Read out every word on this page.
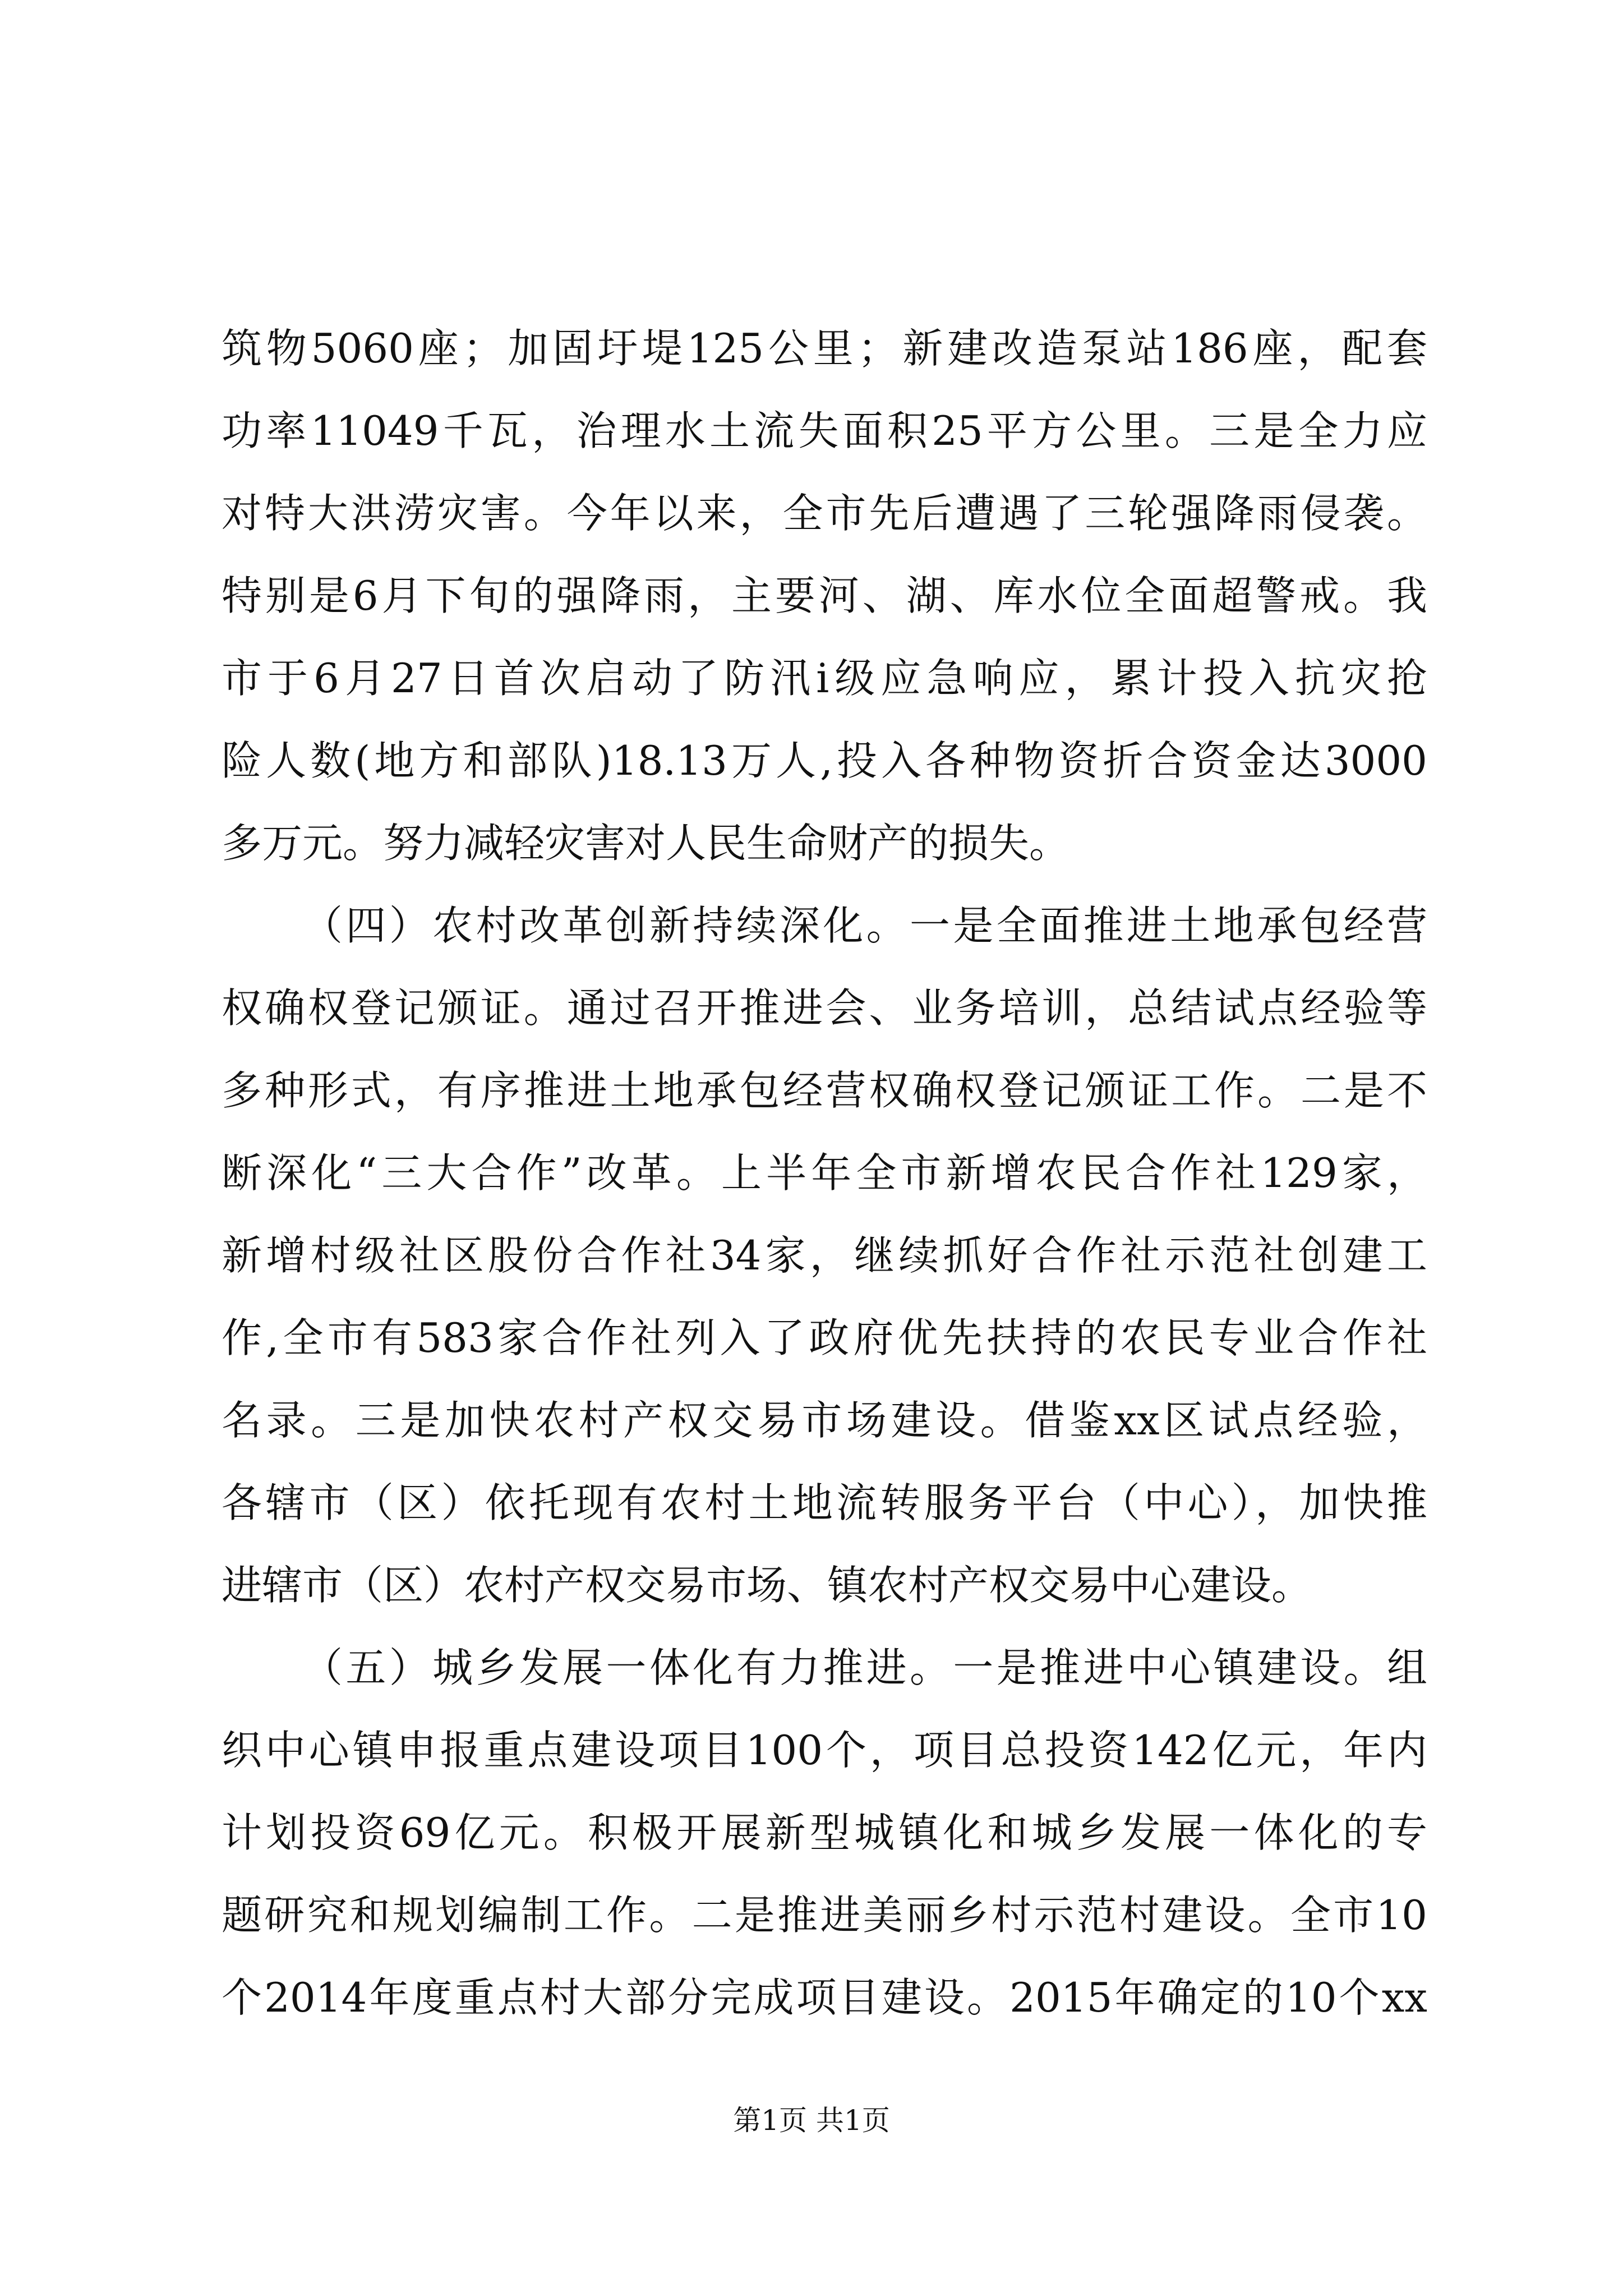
筑物5060座；加固圩堤125公里；新建改造泵站186座，配套
功率11049千瓦，治理水土流失面积25平方公里。三是全力应
对特大洪涝灾害。今年以来，全市先后遭遇了三轮强降雨侵袭。
特别是6月下旬的强降雨，主要河、湖、库水位全面超警戒。我
市于6月27日首次启动了防汛ⅰ级应急响应，累计投入抗灾抢
险人数(地方和部队)18.13万人,投入各种物资折合资金达3000
多万元。努力减轻灾害对人民生命财产的损失。
（四）农村改革创新持续深化。一是全面推进土地承包经营
权确权登记颁证。通过召开推进会、业务培训，总结试点经验等
多种形式，有序推进土地承包经营权确权登记颁证工作。二是不
断深化“三大合作”改革。上半年全市新增农民合作社129家，
新增村级社区股份合作社34家，继续抓好合作社示范社创建工
作,全市有583家合作社列入了政府优先扶持的农民专业合作社
名录。三是加快农村产权交易市场建设。借鉴xx区试点经验，
各辖市（区）依托现有农村土地流转服务平台（中心），加快推
进辖市（区）农村产权交易市场、镇农村产权交易中心建设。
（五）城乡发展一体化有力推进。一是推进中心镇建设。组
织中心镇申报重点建设项目100个，项目总投资142亿元，年内
计划投资69亿元。积极开展新型城镇化和城乡发展一体化的专
题研究和规划编制工作。二是推进美丽乡村示范村建设。全市10
个2014年度重点村大部分完成项目建设。2015年确定的10个xx
第1页 共1页
